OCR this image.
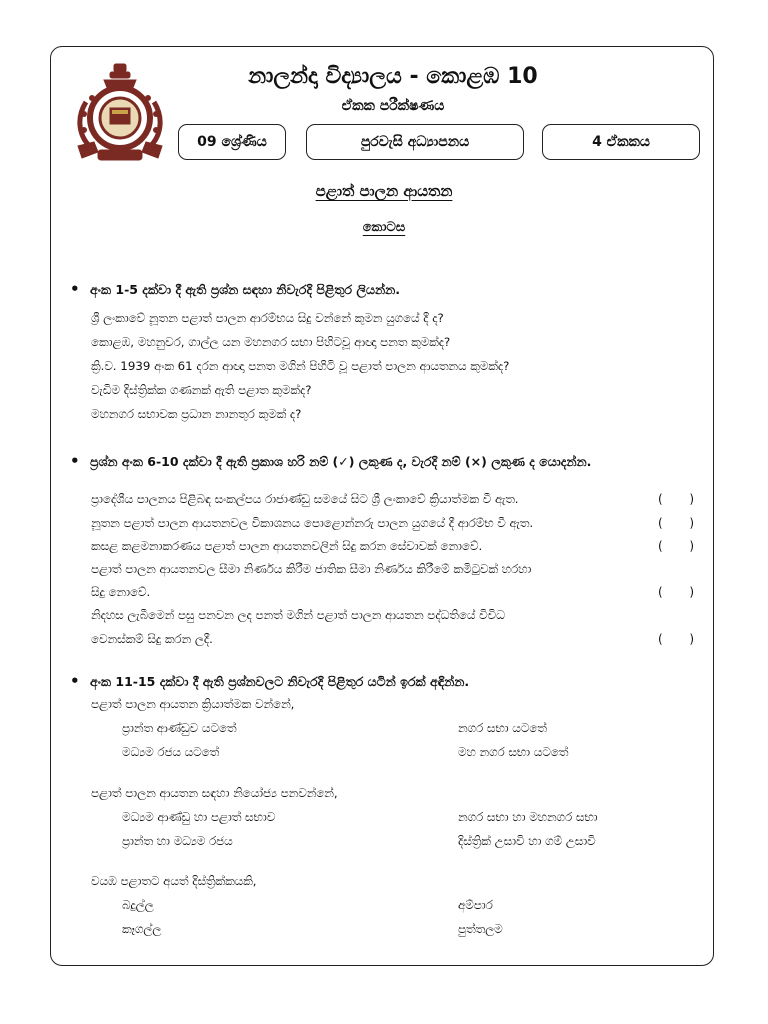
නාලන්දා විද්‍යාලය - කොළඹ 10
ඒකක පරීක්ෂණය
09 ශ්‍රේණිය	පුරවැසි අධ්‍යාපනය	4 ඒකකය
පළාත් පාලන ආයතන
කොටස
• අංක 1-5 දක්වා දී ඇති ප්‍රශ්න සඳහා නිවැරදි පිළිතුර ලියන්න.
ශ්‍රී ලංකාවේ නූතන පළාත් පාලන ආරම්භය සිදු වන්නේ කුමන යුගයේ දී ද?
කොළඹ, මහනුවර, ගාල්ල යන මහනගර සභා පිහිටවූ ආඥා පනත කුමක්ද?
ක්‍රි.ව. 1939 අංක 61 දරන ආඥා පනත මගින් පිහිටි වූ පළාත් පාලන ආයතනය කුමක්ද?
වැඩිම දිස්ත්‍රික්ක ගණනක් ඇති පළාත කුමක්ද?
මහනගර සභාවක ප්‍රධාන නානතුර කුමක් ද?
• ප්‍රශ්න අංක 6-10 දක්වා දී ඇති ප්‍රකාශ හරි නම් (✓) ලකුණ ද, වැරදි නම් (×) ලකුණ ද යොදන්න.
ප්‍රාදේශීය පාලනය පිළිබඳ සංකල්පය රාජාණ්ඩු සමයේ සිට ශ්‍රී ලංකාවේ ක්‍රියාත්මක වී ඇත.	(       )
නූතන පළාත් පාලන ආයතනවල විකාශනය පොළොන්නරු පාලන යුගයේ දී ආරම්භ වී ඇත.	(       )
කසළ කළමනාකරණය පළාත් පාලන ආයතනවලින් සිදු කරන සේවාවක් නොවේ.	(       )
පළාත් පාලන ආයතනවල සීමා නිර්ණය කිරීම ජාතික සීමා නිර්ණය කිරීමේ කමිටුවක් හරහා
සිදු නොවේ.	(       )
නිදහස ලැබීමෙන් පසු පනවන ලද පනත් මගින් පළාත් පාලන ආයතන පද්ධතියේ විවිධ
වෙනස්කම් සිදු කරන ලදී.	(       )
• අංක 11-15 දක්වා දී ඇති ප්‍රශ්නවලට නිවැරදි පිළිතුර යටින් ඉරක් අඳින්න.
පළාත් පාලන ආයතන ක්‍රියාත්මක වන්නේ,
ප්‍රාන්ත ආණ්ඩුව යටතේ	නගර සභා යටතේ
මධ්‍යම රජය යටතේ	මහ නගර සභා යටතේ
පළාත් පාලන ආයතන සඳහා නියෝජ්‍ය පනවන්නේ,
මධ්‍යම ආණ්ඩු හා පළාත් සභාව	නගර සභා හා මහනගර සභා
ප්‍රාන්ත හා මධ්‍යම රජය	දිස්ත්‍රික් උසාවි හා ගම් උසාවි
වයඹ පළාතට අයත් දිස්ත්‍රික්කයකි,
බදුල්ල	අම්පාර
කෑගල්ල	පුත්තලම
